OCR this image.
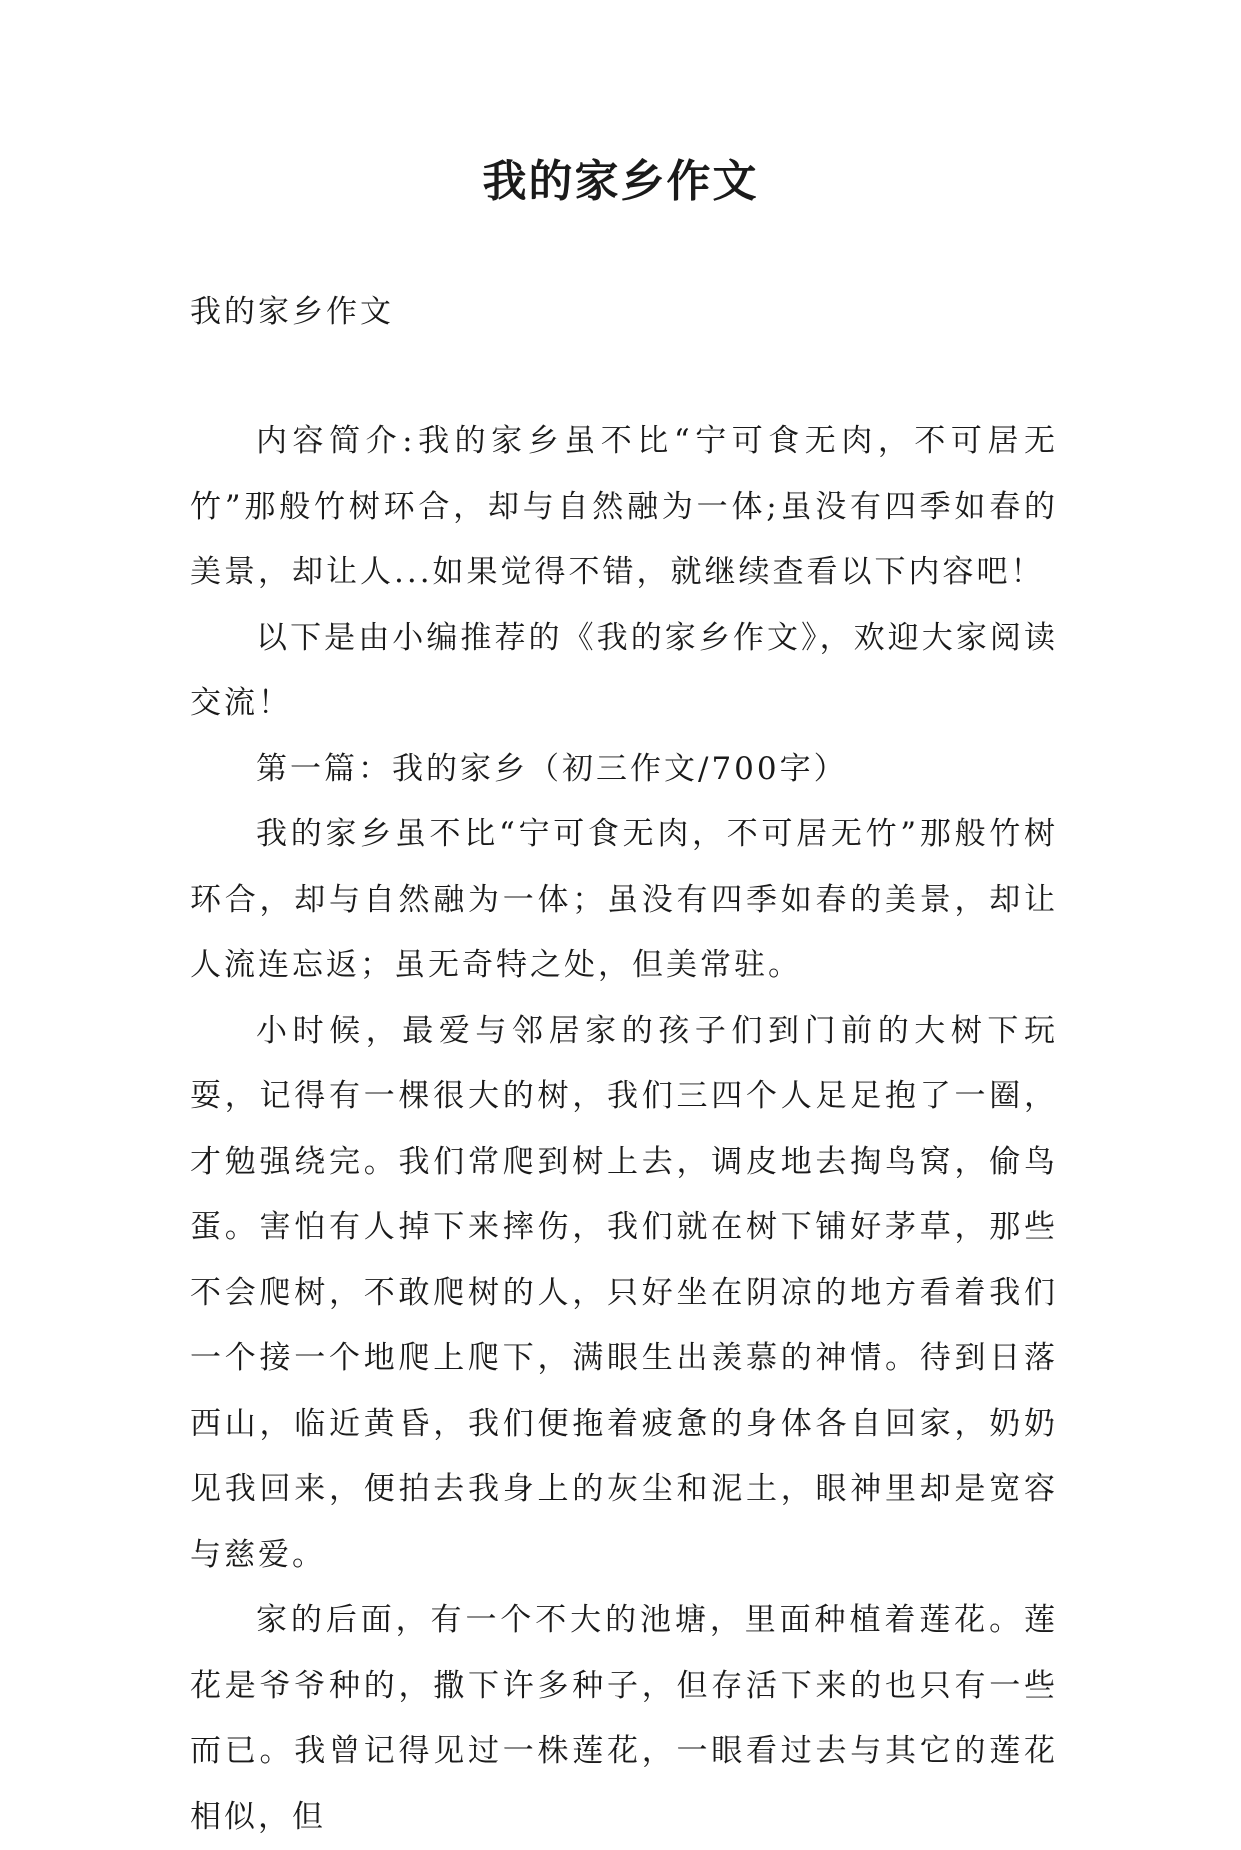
我的家乡作文

我的家乡作文

内容简介:我的家乡虽不比“宁可食无肉，不可居无竹”那般竹树环合，却与自然融为一体;虽没有四季如春的美景，却让人...如果觉得不错，就继续查看以下内容吧！

以下是由小编推荐的《我的家乡作文》，欢迎大家阅读交流！

第一篇：我的家乡（初三作文/700字）

我的家乡虽不比“宁可食无肉，不可居无竹”那般竹树环合，却与自然融为一体；虽没有四季如春的美景，却让人流连忘返；虽无奇特之处，但美常驻。

小时候，最爱与邻居家的孩子们到门前的大树下玩耍，记得有一棵很大的树，我们三四个人足足抱了一圈，才勉强绕完。我们常爬到树上去，调皮地去掏鸟窝，偷鸟蛋。害怕有人掉下来摔伤，我们就在树下铺好茅草，那些不会爬树，不敢爬树的人，只好坐在阴凉的地方看着我们一个接一个地爬上爬下，满眼生出羡慕的神情。待到日落西山，临近黄昏，我们便拖着疲惫的身体各自回家，奶奶见我回来，便拍去我身上的灰尘和泥土，眼神里却是宽容与慈爱。

家的后面，有一个不大的池塘，里面种植着莲花。莲花是爷爷种的，撒下许多种子，但存活下来的也只有一些而已。我曾记得见过一株莲花，一眼看过去与其它的莲花相似，但
